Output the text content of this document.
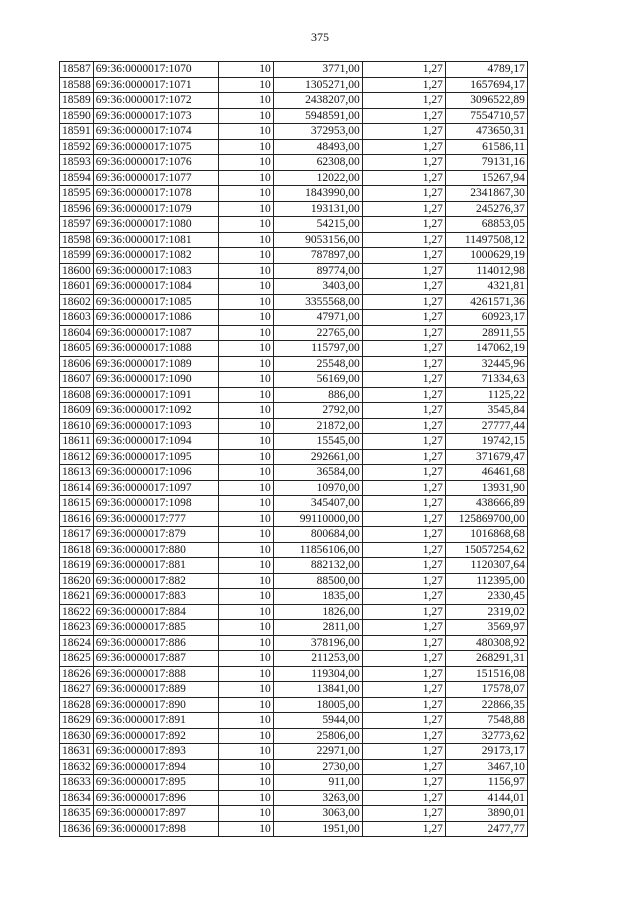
375
18587	69:36:0000017:1070	10	3771,00		1,27	4789,17
18588	69:36:0000017:1071	10	1305271,00		1,27	1657694,17
18589	69:36:0000017:1072	10	2438207,00		1,27	3096522,89
18590	69:36:0000017:1073	10	5948591,00		1,27	7554710,57
18591	69:36:0000017:1074	10	372953,00		1,27	473650,31
18592	69:36:0000017:1075	10	48493,00		1,27	61586,11
18593	69:36:0000017:1076	10	62308,00		1,27	79131,16
18594	69:36:0000017:1077	10	12022,00		1,27	15267,94
18595	69:36:0000017:1078	10	1843990,00		1,27	2341867,30
18596	69:36:0000017:1079	10	193131,00		1,27	245276,37
18597	69:36:0000017:1080	10	54215,00		1,27	68853,05
18598	69:36:0000017:1081	10	9053156,00		1,27	11497508,12
18599	69:36:0000017:1082	10	787897,00		1,27	1000629,19
18600	69:36:0000017:1083	10	89774,00		1,27	114012,98
18601	69:36:0000017:1084	10	3403,00		1,27	4321,81
18602	69:36:0000017:1085	10	3355568,00		1,27	4261571,36
18603	69:36:0000017:1086	10	47971,00		1,27	60923,17
18604	69:36:0000017:1087	10	22765,00		1,27	28911,55
18605	69:36:0000017:1088	10	115797,00		1,27	147062,19
18606	69:36:0000017:1089	10	25548,00		1,27	32445,96
18607	69:36:0000017:1090	10	56169,00		1,27	71334,63
18608	69:36:0000017:1091	10	886,00		1,27	1125,22
18609	69:36:0000017:1092	10	2792,00		1,27	3545,84
18610	69:36:0000017:1093	10	21872,00		1,27	27777,44
18611	69:36:0000017:1094	10	15545,00		1,27	19742,15
18612	69:36:0000017:1095	10	292661,00		1,27	371679,47
18613	69:36:0000017:1096	10	36584,00		1,27	46461,68
18614	69:36:0000017:1097	10	10970,00		1,27	13931,90
18615	69:36:0000017:1098	10	345407,00		1,27	438666,89
18616	69:36:0000017:777	10	99110000,00		1,27	125869700,00
18617	69:36:0000017:879	10	800684,00		1,27	1016868,68
18618	69:36:0000017:880	10	11856106,00		1,27	15057254,62
18619	69:36:0000017:881	10	882132,00		1,27	1120307,64
18620	69:36:0000017:882	10	88500,00		1,27	112395,00
18621	69:36:0000017:883	10	1835,00		1,27	2330,45
18622	69:36:0000017:884	10	1826,00		1,27	2319,02
18623	69:36:0000017:885	10	2811,00		1,27	3569,97
18624	69:36:0000017:886	10	378196,00		1,27	480308,92
18625	69:36:0000017:887	10	211253,00		1,27	268291,31
18626	69:36:0000017:888	10	119304,00		1,27	151516,08
18627	69:36:0000017:889	10	13841,00		1,27	17578,07
18628	69:36:0000017:890	10	18005,00		1,27	22866,35
18629	69:36:0000017:891	10	5944,00		1,27	7548,88
18630	69:36:0000017:892	10	25806,00		1,27	32773,62
18631	69:36:0000017:893	10	22971,00		1,27	29173,17
18632	69:36:0000017:894	10	2730,00		1,27	3467,10
18633	69:36:0000017:895	10	911,00		1,27	1156,97
18634	69:36:0000017:896	10	3263,00		1,27	4144,01
18635	69:36:0000017:897	10	3063,00		1,27	3890,01
18636	69:36:0000017:898	10	1951,00		1,27	2477,77
